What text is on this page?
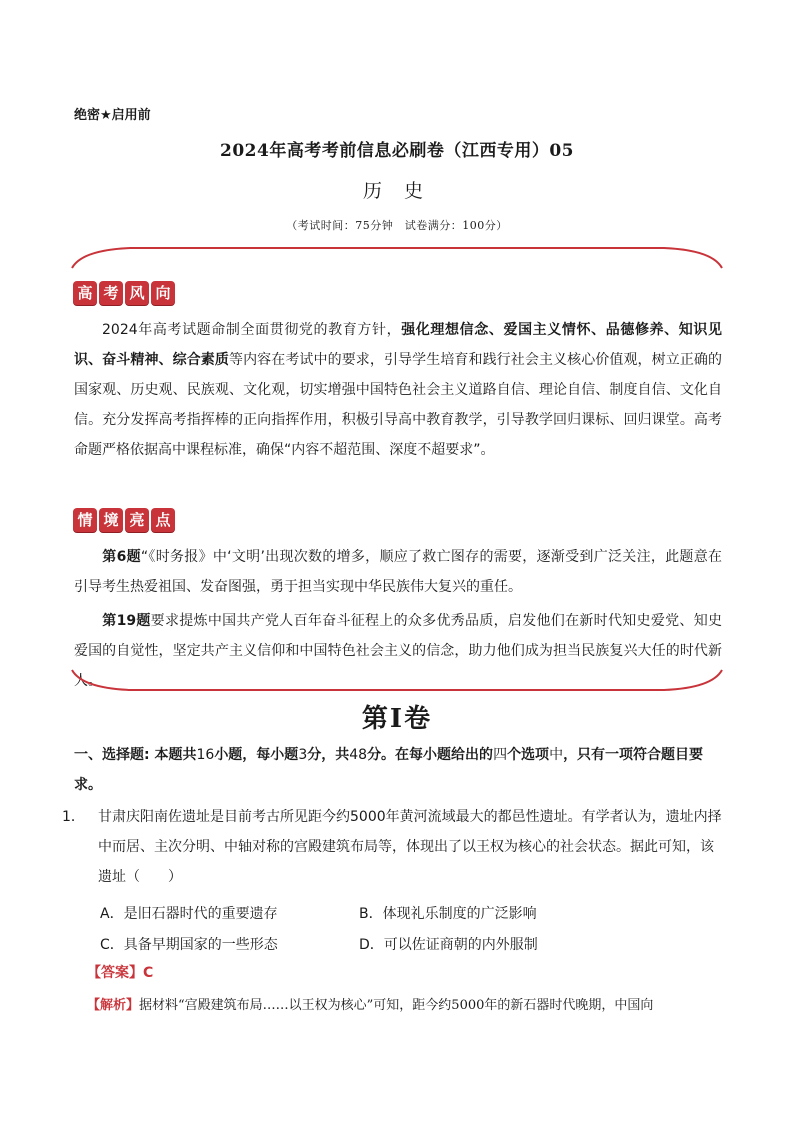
绝密★启用前
2024年高考考前信息必刷卷（江西专用）05
历 史
（考试时间：75分钟　试卷满分：100分）
高 考 风 向
2024年高考试题命制全面贯彻党的教育方针，强化理想信念、爱国主义情怀、品德修养、知识见识、奋斗精神、综合素质等内容在考试中的要求，引导学生培育和践行社会主义核心价值观，树立正确的国家观、历史观、民族观、文化观，切实增强中国特色社会主义道路自信、理论自信、制度自信、文化自信。充分发挥高考指挥棒的正向指挥作用，积极引导高中教育教学，引导教学回归课标、回归课堂。高考命题严格依据高中课程标准，确保“内容不超范围、深度不超要求”。
情 境 亮 点
第6题“《时务报》中‘文明’出现次数的增多，顺应了救亡图存的需要，逐渐受到广泛关注，此题意在引导考生热爱祖国、发奋图强，勇于担当实现中华民族伟大复兴的重任。
第19题要求提炼中国共产党人百年奋斗征程上的众多优秀品质，启发他们在新时代知史爱党、知史爱国的自觉性，坚定共产主义信仰和中国特色社会主义的信念，助力他们成为担当民族复兴大任的时代新人。
第Ⅰ卷
一、选择题: 本题共16小题，每小题3分，共48分。在每小题给出的四个选项中，只有一项符合题目要求。
1． 甘肃庆阳南佐遗址是目前考古所见距今约5000年黄河流域最大的都邑性遗址。有学者认为，遗址内择中而居、主次分明、中轴对称的宫殿建筑布局等，体现出了以王权为核心的社会状态。据此可知，该遗址（　　）
A．是旧石器时代的重要遗存	B．体现礼乐制度的广泛影响
C．具备早期国家的一些形态	D．可以佐证商朝的内外服制
【答案】C
【解析】据材料“宫殿建筑布局……以王权为核心”可知，距今约5000年的新石器时代晚期，中国向
